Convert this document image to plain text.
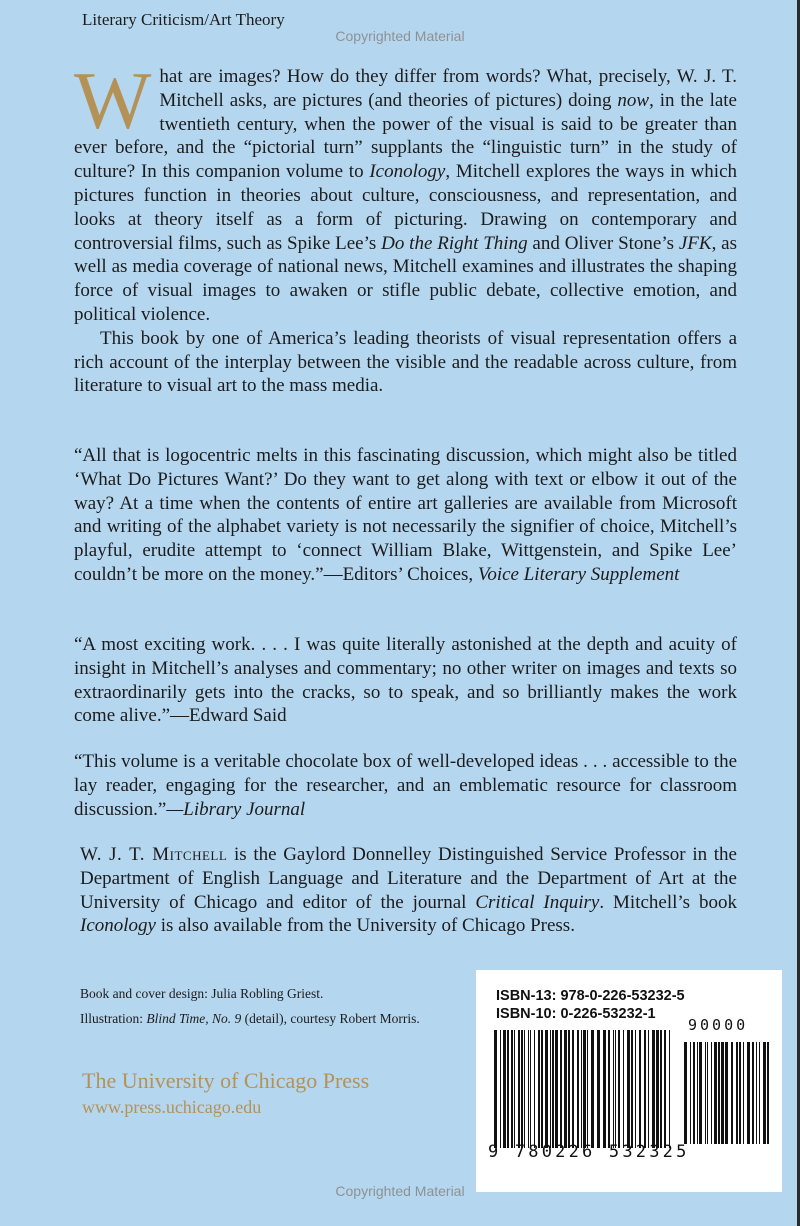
Literary Criticism/Art Theory
Copyrighted Material

What are images? How do they differ from words? What, precisely, W. J. T. Mitchell asks, are pictures (and theories of pictures) doing now, in the late twentieth century, when the power of the visual is said to be greater than ever before, and the “pictorial turn” supplants the “linguistic turn” in the study of culture? In this companion volume to Iconology, Mitchell explores the ways in which pictures function in theories about culture, consciousness, and representation, and looks at theory itself as a form of picturing. Drawing on contemporary and controversial films, such as Spike Lee’s Do the Right Thing and Oliver Stone’s JFK, as well as media coverage of national news, Mitchell examines and illustrates the shaping force of visual images to awaken or stifle public debate, collective emotion, and political violence.

This book by one of America’s leading theorists of visual representation offers a rich account of the interplay between the visible and the readable across culture, from literature to visual art to the mass media.

“All that is logocentric melts in this fascinating discussion, which might also be titled ‘What Do Pictures Want?’ Do they want to get along with text or elbow it out of the way? At a time when the contents of entire art galleries are available from Microsoft and writing of the alphabet variety is not necessarily the signifier of choice, Mitchell’s playful, erudite attempt to ‘connect William Blake, Wittgenstein, and Spike Lee’ couldn’t be more on the money.”—Editors’ Choices, Voice Literary Supplement
“A most exciting work. . . . I was quite literally astonished at the depth and acuity of insight in Mitchell’s analyses and commentary; no other writer on images and texts so extraordinarily gets into the cracks, so to speak, and so brilliantly makes the work come alive.”—Edward Said
“This volume is a veritable chocolate box of well-developed ideas . . . accessible to the lay reader, engaging for the researcher, and an emblematic resource for classroom discussion.”—Library Journal
W. J. T. Mitchell is the Gaylord Donnelley Distinguished Service Professor in the Department of English Language and Literature and the Department of Art at the University of Chicago and editor of the journal Critical Inquiry. Mitchell’s book Iconology is also available from the University of Chicago Press.
Book and cover design: Julia Robling Griest.
Illustration: Blind Time, No. 9 (detail), courtesy Robert Morris.
The University of Chicago Press
www.press.uchicago.edu
ISBN-13: 978-0-226-53232-5
ISBN-10: 0-226-53232-1
90000
9 780226 532325
Copyrighted Material
